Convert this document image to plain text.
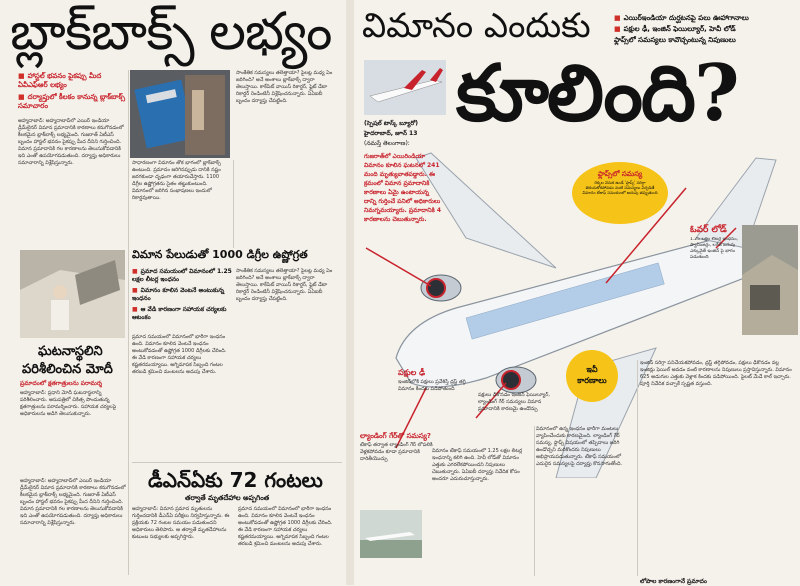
బ్లాక్‌బాక్స్ లభ్యం
■ హాస్టల్ భవనం పైకప్పు మీద ఏవీఎఫ్ఆర్ లభ్యం
■ దర్యాప్తులో కీలకం కానున్న బ్లాక్‌బాక్స్ సమాచారం
అహ్మదాబాద్: అహ్మదాబాద్‌లో ఎయిర్ ఇండియా డ్రీమ్‌లైనర్ విమాన ప్రమాదానికి కారణాలు కనుగొనడంలో కీలకమైన బ్లాక్‌బాక్స్ లభ్యమైంది. గుజరాత్ ఏటీఎస్ బృందం హాస్టల్ భవనం పైకప్పు మీద దీనిని గుర్తించింది. విమాన ప్రమాదానికి గల కారణాలను తెలుసుకోవడానికి ఇది ఎంతో ఉపయోగపడుతుంది. దర్యాప్తు అధికారులు సమాచారాన్ని విశ్లేషిస్తున్నారు.	సాధారణంగా విమానం తోక భాగంలో బ్లాక్‌బాక్స్ ఉంటుంది. ప్రమాదం జరిగినప్పుడు దానికి నష్టం జరగకుండా దృఢంగా తయారుచేస్తారు. 1100 డిగ్రీల ఉష్ణోగ్రతను సైతం తట్టుకుంటుంది. విమానంలో జరిగిన సంభాషణలు ఇందులో రికార్డవుతాయి.
సాంకేతిక సమస్యలు తలెత్తాయా? పైలట్ల మధ్య ఏం జరిగింది? అనే అంశాలు బ్లాక్‌బాక్స్ ద్వారా తెలుస్తాయి. కాక్‌పిట్ వాయిస్ రికార్డర్, ఫ్లైట్ డేటా రికార్డర్ రెండింటినీ విశ్లేషించనున్నారు. ఏఏఐబీ బృందం దర్యాప్తు చేపట్టింది.
విమాన పేలుడుతో 1000 డిగ్రీల ఉష్ణోగ్రత
■ ప్రమాద సమయంలో విమానంలో 1.25 లక్షల లీటర్ల ఇంధనం
■ విమానం కూలిన వెంటనే అంటుకున్న ఇంధనం
■ ఆ వేడి కారణంగా సహాయక చర్యలకు ఆటంకం
ప్రమాద సమయంలో విమానంలో భారీగా ఇంధనం ఉంది. విమానం కూలిన వెంటనే ఇంధనం అంటుకోవడంతో ఉష్ణోగ్రత 1000 డిగ్రీలకు చేరింది. ఈ వేడి కారణంగా సహాయక చర్యలు కష్టతరమయ్యాయి. అగ్నిమాపక సిబ్బంది గంటల తరబడి శ్రమించి మంటలను అదుపు చేశారు.
సాంకేతిక సమస్యలు తలెత్తాయా? పైలట్ల మధ్య ఏం జరిగింది? అనే అంశాలు బ్లాక్‌బాక్స్ ద్వారా తెలుస్తాయి. కాక్‌పిట్ వాయిస్ రికార్డర్, ఫ్లైట్ డేటా రికార్డర్ రెండింటినీ విశ్లేషించనున్నారు. ఏఏఐబీ బృందం దర్యాప్తు చేపట్టింది.
ఘటనాస్థలిని
పరిశీలించిన మోదీ
ప్రమాదంలో క్షతగాత్రులను పరామర్శ
అహ్మదాబాద్: ప్రధాని మోదీ ఘటనాస్థలాన్ని పరిశీలించారు. ఆసుపత్రిలో చికిత్స పొందుతున్న క్షతగాత్రులను పరామర్శించారు. సహాయక చర్యలపై అధికారులను అడిగి తెలుసుకున్నారు.
డీఎన్‌ఏకు 72 గంటలు
తర్వాతే మృతదేహాల అప్పగింత
అహ్మదాబాద్: విమాన ప్రమాద మృతులను గుర్తించడానికి డీఎన్‌ఏ పరీక్షలు నిర్వహిస్తున్నారు. ఈ ప్రక్రియకు 72 గంటల సమయం పడుతుందని అధికారులు తెలిపారు. ఆ తర్వాతే మృతదేహాలను కుటుంబ సభ్యులకు అప్పగిస్తారు.
ప్రమాద సమయంలో విమానంలో భారీగా ఇంధనం ఉంది. విమానం కూలిన వెంటనే ఇంధనం అంటుకోవడంతో ఉష్ణోగ్రత 1000 డిగ్రీలకు చేరింది. ఈ వేడి కారణంగా సహాయక చర్యలు కష్టతరమయ్యాయి. అగ్నిమాపక సిబ్బంది గంటల తరబడి శ్రమించి మంటలను అదుపు చేశారు.
అహ్మదాబాద్: అహ్మదాబాద్‌లో ఎయిర్ ఇండియా డ్రీమ్‌లైనర్ విమాన ప్రమాదానికి కారణాలు కనుగొనడంలో కీలకమైన బ్లాక్‌బాక్స్ లభ్యమైంది. గుజరాత్ ఏటీఎస్ బృందం హాస్టల్ భవనం పైకప్పు మీద దీనిని గుర్తించింది. విమాన ప్రమాదానికి గల కారణాలను తెలుసుకోవడానికి ఇది ఎంతో ఉపయోగపడుతుంది. దర్యాప్తు అధికారులు సమాచారాన్ని విశ్లేషిస్తున్నారు.
విమానం ఎందుకు	■ ఎయిర్ఇండియా దుర్ఘటనపై పలు ఊహాగానాలు
■ పక్షుల ఢీ, ఇంజిన్ ఫెయిల్యూర్, హెవీ లోడ్
ఫ్లాప్స్‌లో సమస్యలు కావొచ్చంటున్న నిపుణులు
కూలింది?
(స్పెషల్ టాస్క్ బ్యూరో)
హైదరాబాద్, జూన్ 13
(నమస్తే తెలంగాణ):
గుజరాత్‌లో ఎయిరిండియా విమానం కూలిన ఘటనలో 241 మంది మృత్యువాతపడ్డారు. ఈ క్రమంలో విమాన ప్రమాదానికి కారణాలు ఏమై ఉంటాయన్న దాన్ని గుర్తించే పనిలో అధికారులు నిమగ్నమయ్యారు. ప్రమాదానికి 4 కారణాలను చెబుతున్నారు.
ఫ్లాప్స్‌లో సమస్య
రెక్కల వెనుక ఉండే 'ఫ్లాప్స్' సరిగ్గా తెరుచుకోకపోవడం వంటి సమస్యలు ఏర్పడితే విమానం టేకాఫ్ సమయంలో అదుపు తప్పుతుంది
ఓవర్ లోడ్
1.25 లక్షల లీటర్ల ఇంధనం, ప్యాసింజర్లు, లగేజీ బరువు ఎక్కువైతే ఇంజిన్ పై భారం పడుతుంది
పక్షుల ఢీ
ఇంజిన్‌లోకి పక్షులు ప్రవేశిస్తే థ్రస్ట్ తగ్గి విమానం కిందకు పడిపోతుంది
పక్షులు ఢీకొనడం ఇంజిన్ ఫెయిల్యూర్, ల్యాండింగ్ గేర్ సమస్యలు విమాన ప్రమాదానికి కారణమై ఉండొచ్చు
ఇవీ కారణాలు
ల్యాండింగ్ గేర్‌తో సమస్య?
టేకాఫ్ తర్వాత ల్యాండింగ్ గేర్ లోపలికి వెళ్లకపోవడం కూడా ప్రమాదానికి దారితీయొచ్చు
విమానం టేకాఫ్ సమయంలో 1.25 లక్షల లీటర్ల ఇంధనాన్ని కలిగి ఉంది. హెవీ లోడ్‌తో విమానం ఎత్తుకు ఎగరలేకపోయిందని నిపుణులు చెబుతున్నారు. ఏఏఐబీ దర్యాప్తు నివేదిక కోసం అందరూ ఎదురుచూస్తున్నారు.
విమానంలో ఉన్న ఇంధనం భారీగా మంటలు వ్యాపించేందుకు కారణమైంది. ల్యాండింగ్ గేర్ సమస్య, ఫ్లాప్స్ విషయంలో తప్పిదాలు జరిగి ఉండొచ్చని మరికొందరు నిపుణులు అభిప్రాయపడుతున్నారు. టేకాఫ్ సమయంలో ఎదురైన సమస్యలపై దర్యాప్తు కొనసాగుతోంది.
ఇంజిన్ సరిగ్గా పనిచేయకపోవడం, థ్రస్ట్ తగ్గిపోవడం, పక్షులు ఢీకొనడం వల్ల ఇంజిన్లు ఫెయిల్ అవడం వంటి కారణాలను నిపుణులు ప్రస్తావిస్తున్నారు. విమానం 625 అడుగుల ఎత్తుకు వెళ్లాక కిందకు పడిపోయింది. పైలట్ మేడే కాల్ ఇచ్చారు. పూర్తి నివేదిక వచ్చాకే స్పష్టత వస్తుంది.
లోపాల కారణంగానే ప్రమాదం
